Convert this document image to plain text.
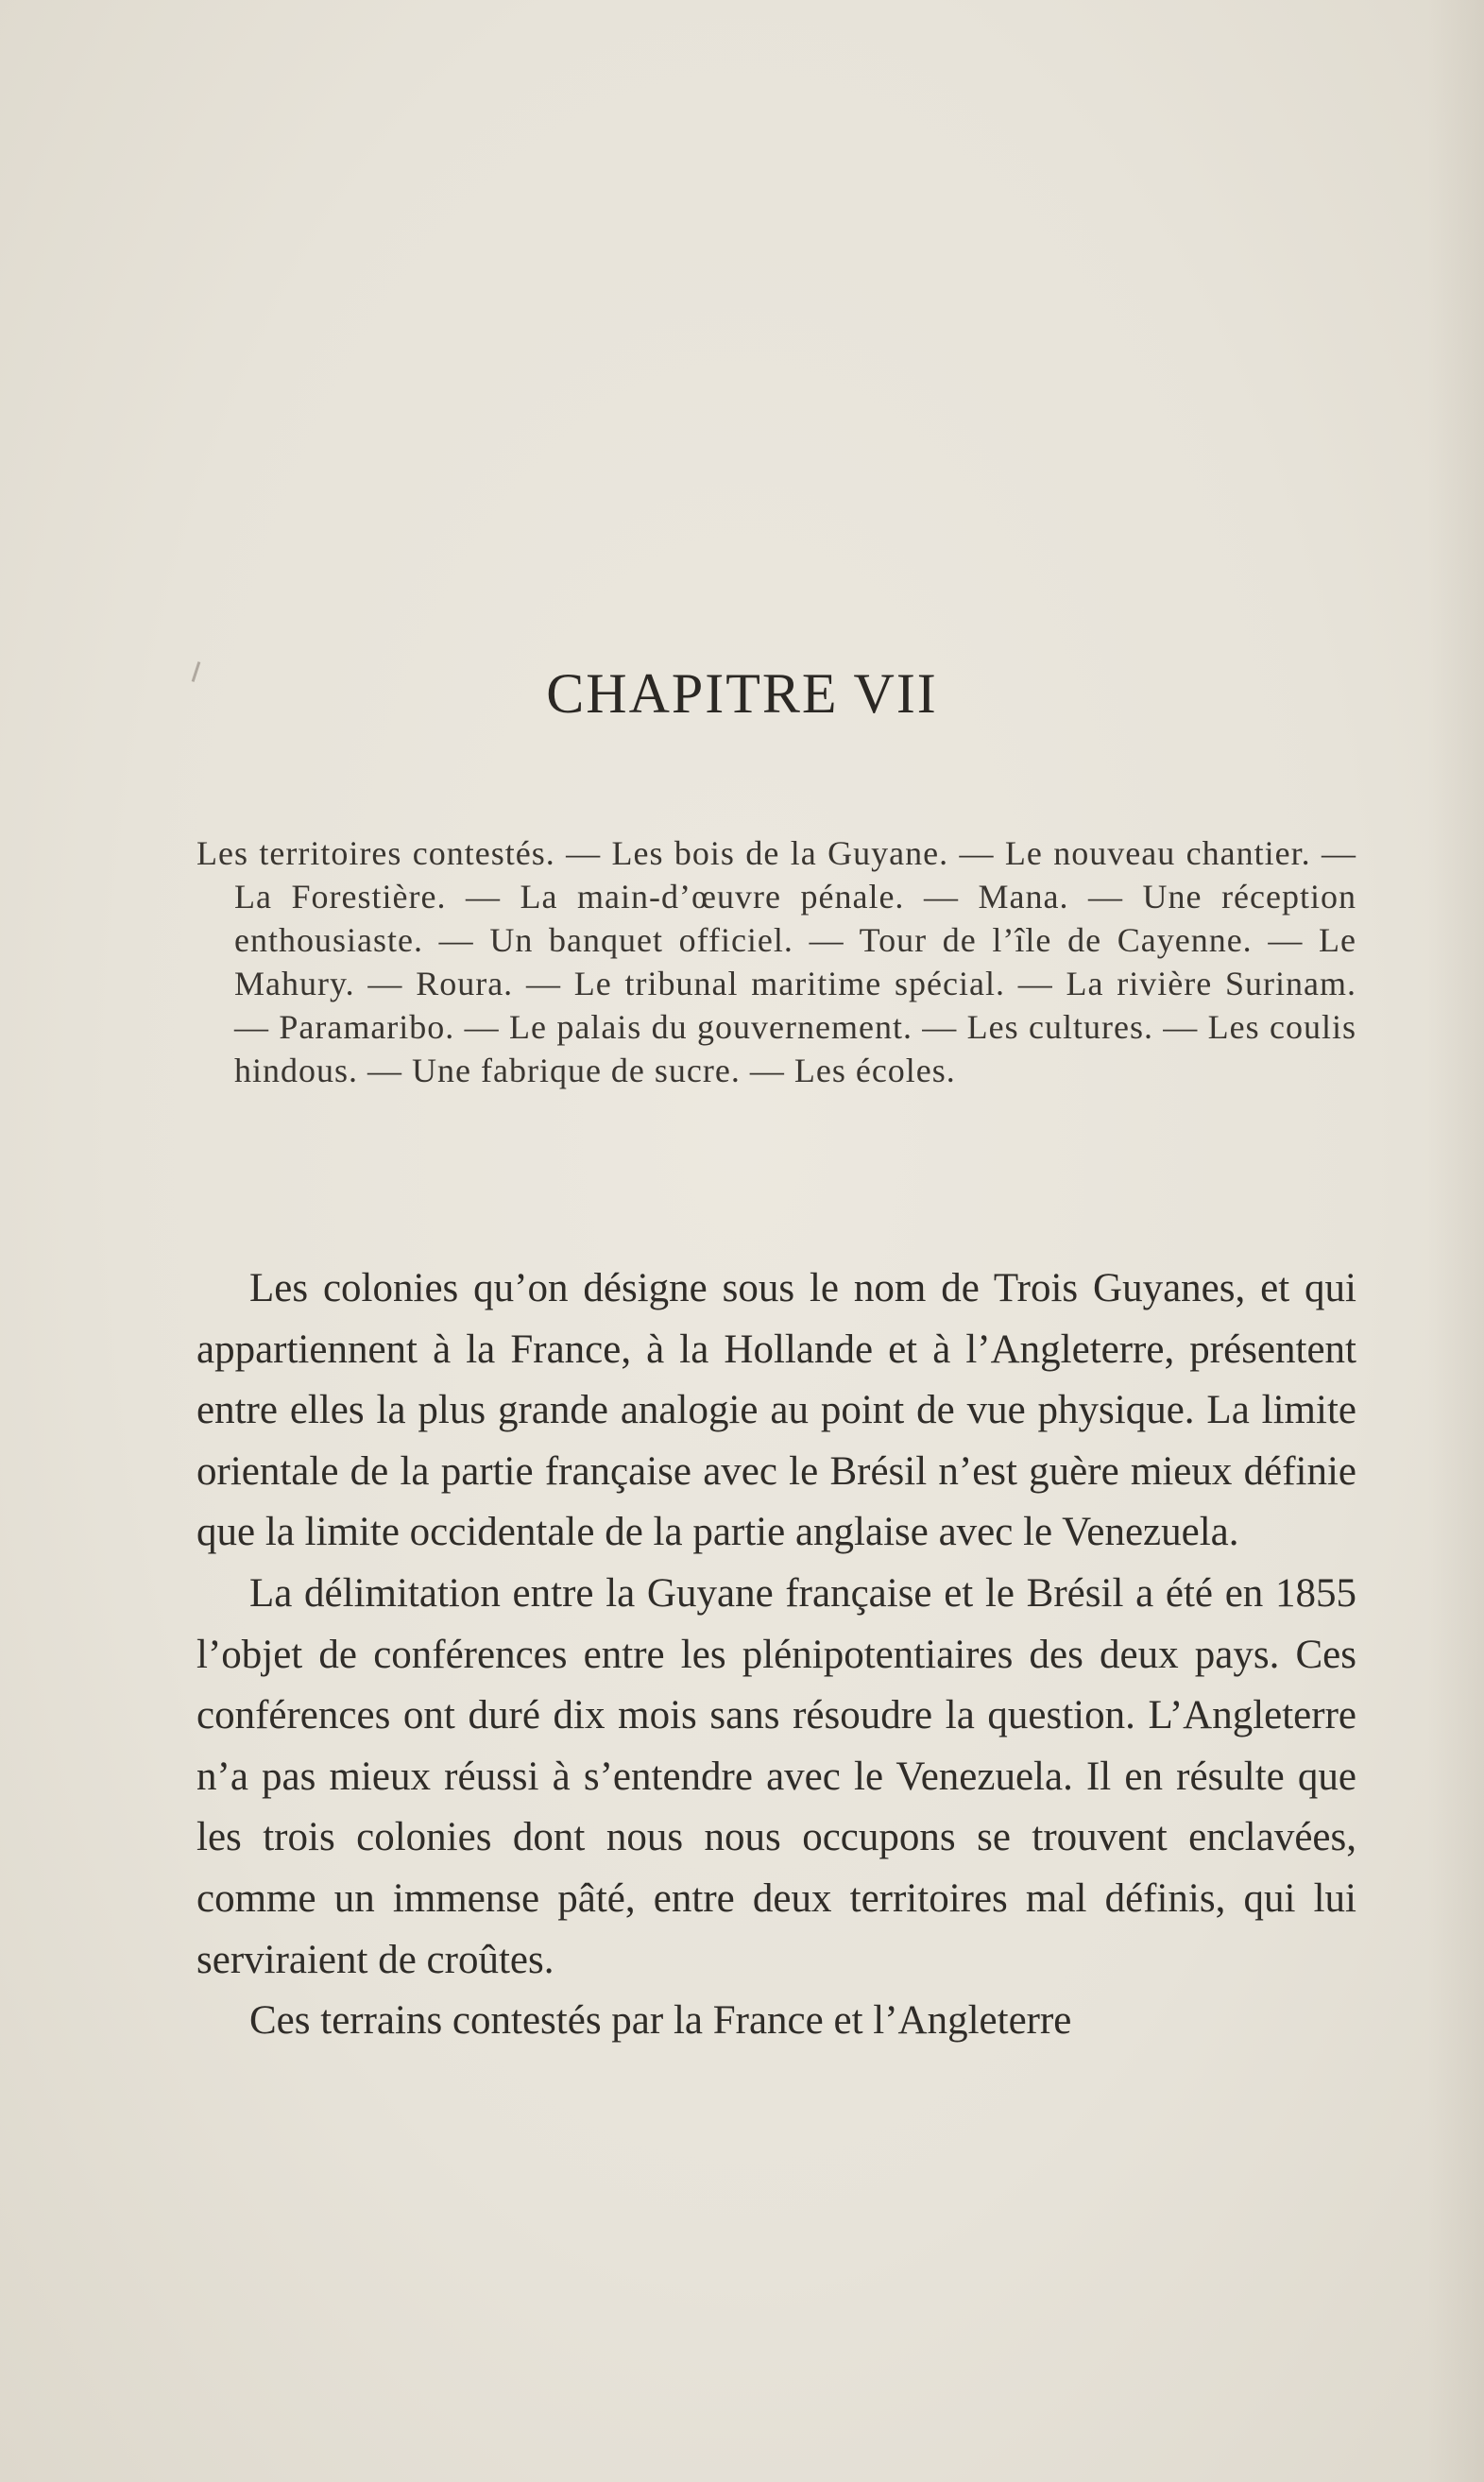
CHAPITRE VII
Les territoires contestés. — Les bois de la Guyane. — Le nouveau chantier. — La Forestière. — La main-d’œuvre pénale. — Mana. — Une réception enthousiaste. — Un banquet officiel. — Tour de l’île de Cayenne. — Le Mahury. — Roura. — Le tribunal maritime spécial. — La rivière Surinam. — Paramaribo. — Le palais du gouvernement. — Les cultures. — Les coulis hindous. — Une fabrique de sucre. — Les écoles.

Les colonies qu’on désigne sous le nom de Trois Guyanes, et qui appartiennent à la France, à la Hollande et à l’Angleterre, présentent entre elles la plus grande analogie au point de vue physique. La limite orientale de la partie française avec le Brésil n’est guère mieux définie que la limite occidentale de la partie anglaise avec le Venezuela.

La délimitation entre la Guyane française et le Brésil a été en 1855 l’objet de conférences entre les plénipotentiaires des deux pays. Ces conférences ont duré dix mois sans résoudre la question. L’Angleterre n’a pas mieux réussi à s’entendre avec le Venezuela. Il en résulte que les trois colonies dont nous nous occupons se trouvent enclavées, comme un immense pâté, entre deux territoires mal définis, qui lui serviraient de croûtes.

Ces terrains contestés par la France et l’Angleterre
